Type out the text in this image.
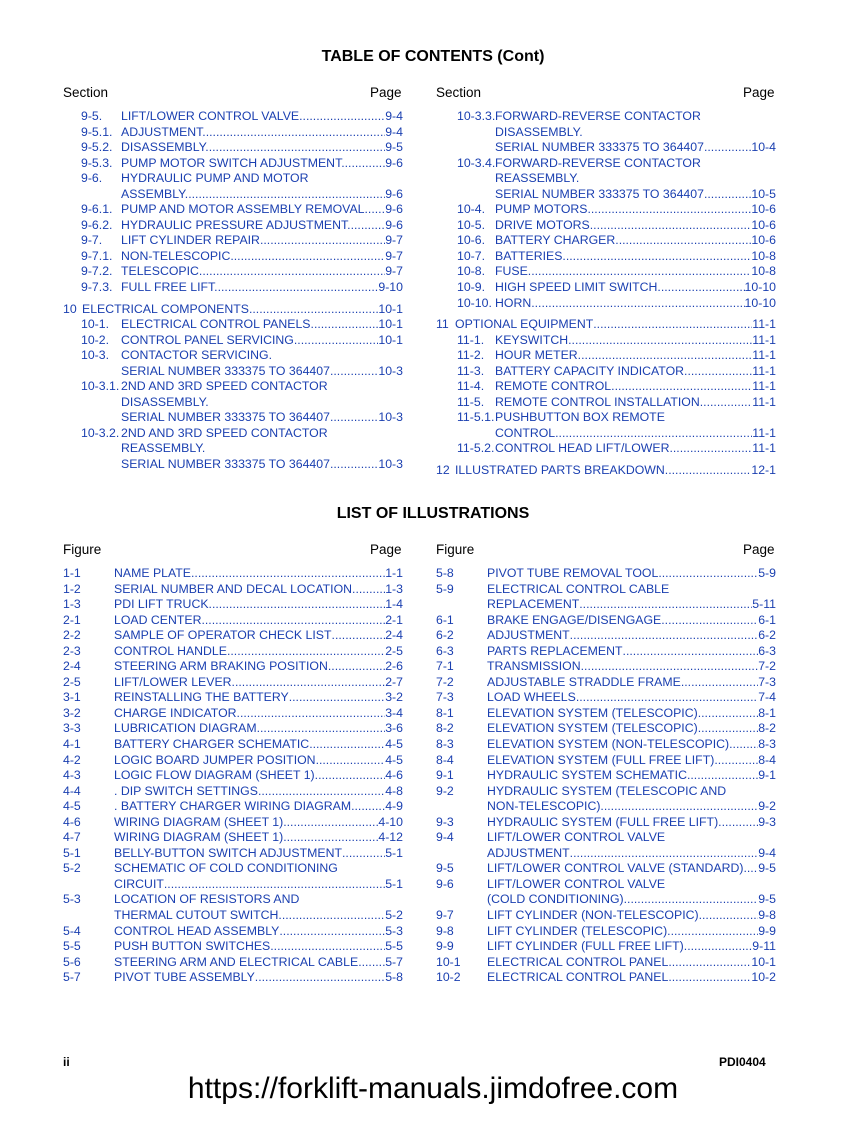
TABLE OF CONTENTS (Cont)
Section	Page	Section	Page
9-5. LIFT/LOWER CONTROL VALVE. .....	9-4
9-5.1. ADJUSTMENT. .....	9-4
9-5.2. DISASSEMBLY. .....	9-5
9-5.3. PUMP MOTOR SWITCH ADJUSTMENT. .....	9-6
9-6. HYDRAULIC PUMP AND MOTOR
ASSEMBLY. .....	9-6
9-6.1. PUMP AND MOTOR ASSEMBLY REMOVAL. ..... 9-6
9-6.2. HYDRAULIC PRESSURE ADJUSTMENT. .....	9-6
9-7. LIFT CYLINDER REPAIR. .....	9-7
9-7.1. NON-TELESCOPIC. .....	9-7
9-7.2. TELESCOPIC. .....	9-7
9-7.3. FULL FREE LIFT. .....	9-10
10 ELECTRICAL COMPONENTS .....	10-1
10-1. ELECTRICAL CONTROL PANELS. .....	10-1
10-2. CONTROL PANEL SERVICING. .....	10-1
10-3. CONTACTOR SERVICING.
SERIAL NUMBER 333375 TO 364407. .....	10-3
10-3.1. 2ND AND 3RD SPEED CONTACTOR
DISASSEMBLY.
SERIAL NUMBER 333375 TO 364407 .....	10-3
10-3.2. 2ND AND 3RD SPEED CONTACTOR
REASSEMBLY.
SERIAL NUMBER 333375 TO 364407. .....	10-3
10-3.3. FORWARD-REVERSE CONTACTOR
DISASSEMBLY.
SERIAL NUMBER 333375 TO 364407 .....	10-4
10-3.4. FORWARD-REVERSE CONTACTOR
REASSEMBLY.
SERIAL NUMBER 333375 TO 364407 .....	10-5
10-4. PUMP MOTORS. .....	10-6
10-5. DRIVE MOTORS. .....	10-6
10-6. BATTERY CHARGER. .....	10-6
10-7. BATTERIES. .....	10-8
10-8. FUSE. .....	10-8
10-9. HIGH SPEED LIMIT SWITCH. .....	10-10
10-10. HORN. .....	10-10
11 OPTIONAL EQUIPMENT .....	11-1
11-1. KEYSWITCH .....	11-1
11-2. HOUR METER .....	11-1
11-3. BATTERY CAPACITY INDICATOR. .....	11-1
11-4. REMOTE CONTROL. .....	11-1
11-5. REMOTE CONTROL INSTALLATION .....	11-1
11-5.1. PUSHBUTTON BOX REMOTE
CONTROL. .....	11-1
11-5.2. CONTROL HEAD LIFT/LOWER .....	11-1
12 ILLUSTRATED PARTS BREAKDOWN .....	12-1
LIST OF ILLUSTRATIONS
Figure	Page	Figure	Page
1-1	NAME PLATE .....	1-1
1-2	SERIAL NUMBER AND DECAL LOCATION .....	1-3
1-3	PDI LIFT TRUCK .....	1-4
2-1	LOAD CENTER .....	2-1
2-2	SAMPLE OF OPERATOR CHECK LIST .....	2-4
2-3	CONTROL HANDLE .....	2-5
2-4	STEERING ARM BRAKING POSITION .....	2-6
2-5	LIFT/LOWER LEVER .....	2-7
3-1	REINSTALLING THE BATTERY .....	3-2
3-2	CHARGE INDICATOR .....	3-4
3-3	LUBRICATION DIAGRAM .....	3-6
4-1	BATTERY CHARGER SCHEMATIC .....	4-5
4-2	LOGIC BOARD JUMPER POSITION .....	4-5
4-3	LOGIC FLOW DIAGRAM (SHEET 1) .....	4-6
4-4	. DIP SWITCH SETTINGS .....	4-8
4-5	. BATTERY CHARGER WIRING DIAGRAM .....	4-9
4-6	WIRING DIAGRAM (SHEET 1) .....	4-10
4-7	WIRING DIAGRAM (SHEET 1) .....	4-12
5-1	BELLY-BUTTON SWITCH ADJUSTMENT .....	5-1
5-2	SCHEMATIC OF COLD CONDITIONING
CIRCUIT .....	5-1
5-3	LOCATION OF RESISTORS AND
THERMAL CUTOUT SWITCH .....	5-2
5-4	CONTROL HEAD ASSEMBLY .....	5-3
5-5	PUSH BUTTON SWITCHES .....	5-5
5-6	STEERING ARM AND ELECTRICAL CABLE ..... 5-7
5-7	PIVOT TUBE ASSEMBLY .....	5-8
5-8	PIVOT TUBE REMOVAL TOOL .....	5-9
5-9	ELECTRICAL CONTROL CABLE
REPLACEMENT .....	5-11
6-1	BRAKE ENGAGE/DISENGAGE .....	6-1
6-2	ADJUSTMENT .....	6-2
6-3	PARTS REPLACEMENT .....	6-3
7-1	TRANSMISSION .....	7-2
7-2	ADJUSTABLE STRADDLE FRAME .....	7-3
7-3	LOAD WHEELS .....	7-4
8-1	ELEVATION SYSTEM (TELESCOPIC) .....	8-1
8-2	ELEVATION SYSTEM (TELESCOPIC) .....	8-2
8-3	ELEVATION SYSTEM (NON-TELESCOPIC) ..... 8-3
8-4	ELEVATION SYSTEM (FULL FREE LIFT) .....	8-4
9-1	HYDRAULIC SYSTEM SCHEMATIC .....	9-1
9-2	HYDRAULIC SYSTEM (TELESCOPIC AND
NON-TELESCOPIC) .....	9-2
9-3	HYDRAULIC SYSTEM (FULL FREE LIFT) .....	9-3
9-4	LIFT/LOWER CONTROL VALVE
ADJUSTMENT .....	9-4
9-5	LIFT/LOWER CONTROL VALVE (STANDARD) ..... 9-5
9-6	LIFT/LOWER CONTROL VALVE
(COLD CONDITIONING) .....	9-5
9-7	LIFT CYLINDER (NON-TELESCOPIC) .....	9-8
9-8	LIFT CYLINDER (TELESCOPIC) .....	9-9
9-9	LIFT CYLINDER (FULL FREE LIFT) .....	9-11
10-1 ELECTRICAL CONTROL PANEL .....	10-1
10-2 ELECTRICAL CONTROL PANEL .....	10-2
ii	PDI0404
https://forklift-manuals.jimdofree.com
